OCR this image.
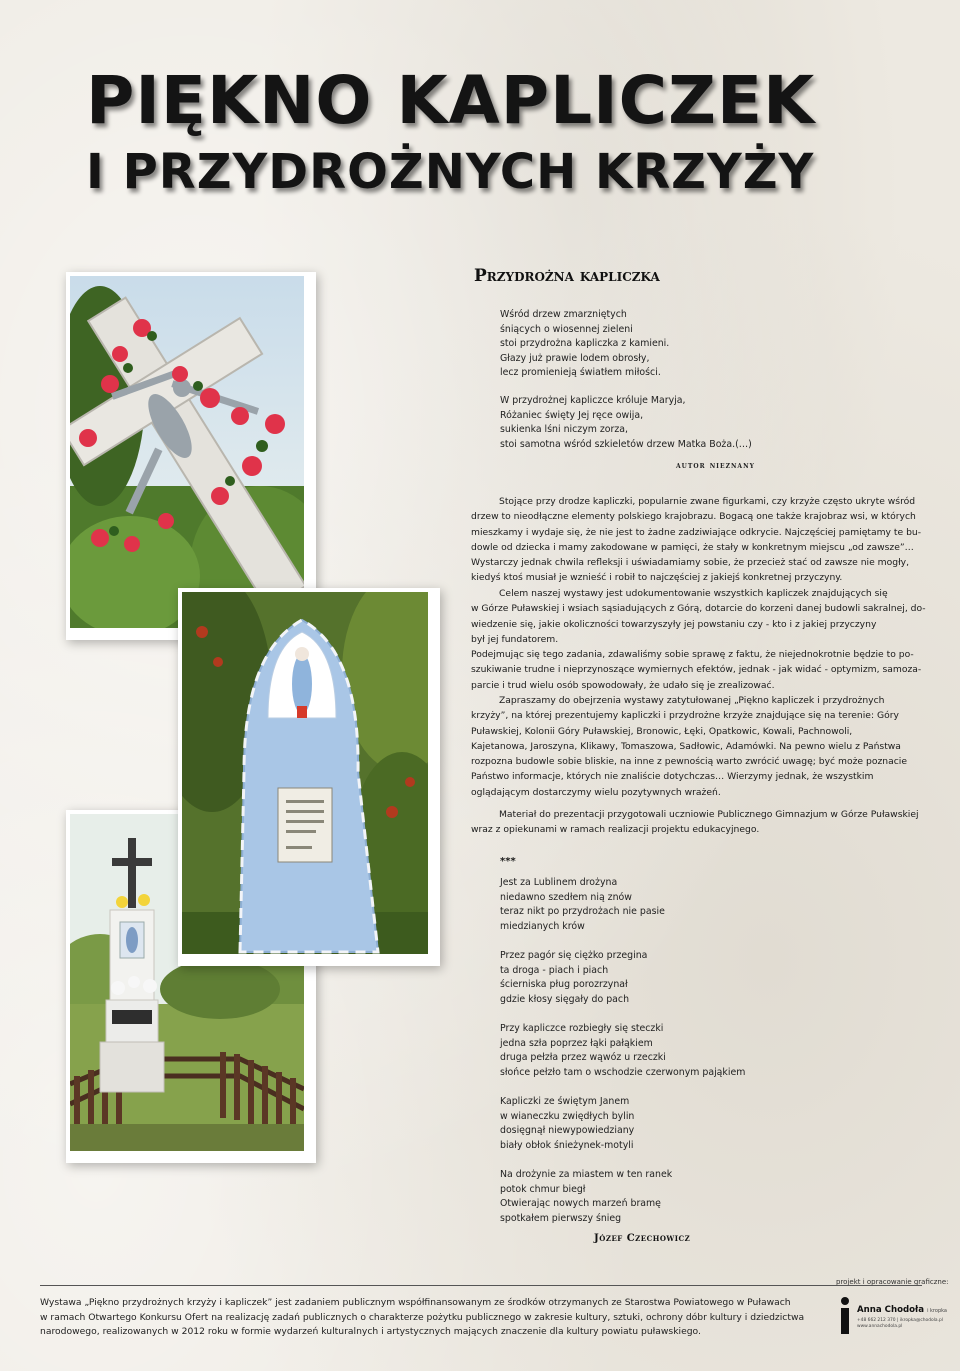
PIĘKNO KAPLICZEK
I PRZYDROŻNYCH KRZYŻY
Przydrożna kapliczka
Wśród drzew zmarzniętych
śniących o wiosennej zieleni
stoi przydrożna kapliczka z kamieni.
Głazy już prawie lodem obrosły,
lecz promienieją światłem miłości.
W przydrożnej kapliczce króluje Maryja,
Różaniec święty Jej ręce owija,
sukienka lśni niczym zorza,
stoi samotna wśród szkieletów drzew Matka Boża.(…)
autor nieznany
Stojące przy drodze kapliczki, popularnie zwane figurkami, czy krzyże często ukryte wśród
drzew to nieodłączne elementy polskiego krajobrazu. Bogacą one także krajobraz wsi, w których
mieszkamy i wydaje się, że nie jest to żadne zadziwiające odkrycie. Najczęściej pamiętamy te bu-
dowle od dziecka i mamy zakodowane w pamięci, że stały w konkretnym miejscu „od zawsze”…
Wystarczy jednak chwila refleksji i uświadamiamy sobie, że przecież stać od zawsze nie mogły,
kiedyś ktoś musiał je wznieść i robił to najczęściej z jakiejś konkretnej przyczyny.
Celem naszej wystawy jest udokumentowanie wszystkich kapliczek znajdujących się
w Górze Puławskiej i wsiach sąsiadujących z Górą, dotarcie do korzeni danej budowli sakralnej, do-
wiedzenie się, jakie okoliczności towarzyszyły jej powstaniu czy - kto i z jakiej przyczyny
był jej fundatorem.
Podejmując się tego zadania, zdawaliśmy sobie sprawę z faktu, że niejednokrotnie będzie to po-
szukiwanie trudne i nieprzynoszące wymiernych efektów, jednak - jak widać - optymizm, samoza-
parcie i trud wielu osób spowodowały, że udało się je zrealizować.
Zapraszamy do obejrzenia wystawy zatytułowanej „Piękno kapliczek i przydrożnych
krzyży”, na której prezentujemy kapliczki i przydrożne krzyże znajdujące się na terenie: Góry
Puławskiej, Kolonii Góry Puławskiej, Bronowic, Łęki, Opatkowic, Kowali, Pachnowoli,
Kajetanowa, Jaroszyna, Klikawy, Tomaszowa, Sadłowic, Adamówki. Na pewno wielu z Państwa
rozpozna budowle sobie bliskie, na inne z pewnością warto zwrócić uwagę; być może poznacie
Państwo informacje, których nie znaliście dotychczas… Wierzymy jednak, że wszystkim
oglądającym dostarczymy wielu pozytywnych wrażeń.
Materiał do prezentacji przygotowali uczniowie Publicznego Gimnazjum w Górze Puławskiej
wraz z opiekunami w ramach realizacji projektu edukacyjnego.
***
Jest za Lublinem drożyna
niedawno szedłem nią znów
teraz nikt po przydrożach nie pasie
miedzianych krów
Przez pagór się ciężko przegina
ta droga - piach i piach
ścierniska pług porozrzynał
gdzie kłosy sięgały do pach
Przy kapliczce rozbiegły się steczki
jedna szła poprzez łąki pałąkiem
druga pełzła przez wąwóz u rzeczki
słońce pełzło tam o wschodzie czerwonym pająkiem
Kapliczki ze świętym Janem
w wianeczku zwiędłych bylin
dosięgnął niewypowiedziany
biały obłok śnieżynek-motyli
Na drożynie za miastem w ten ranek
potok chmur biegł
Otwierając nowych marzeń bramę
spotkałem pierwszy śnieg
Józef Czechowicz
projekt i opracowanie graficzne:
Wystawa „Piękno przydrożnych krzyży i kapliczek” jest zadaniem publicznym współfinansowanym ze środków otrzymanych ze Starostwa Powiatowego w Puławach
w ramach Otwartego Konkursu Ofert na realizację zadań publicznych o charakterze pożytku publicznego w zakresie kultury, sztuki, ochrony dóbr kultury i dziedzictwa
narodowego, realizowanych w 2012 roku w formie wydarzeń kulturalnych i artystycznych mających znaczenie dla kultury powiatu puławskiego.
Anna Chodoła i kropka
+48 662 212 370 | ikropka@chodola.pl
www.annachodola.pl
